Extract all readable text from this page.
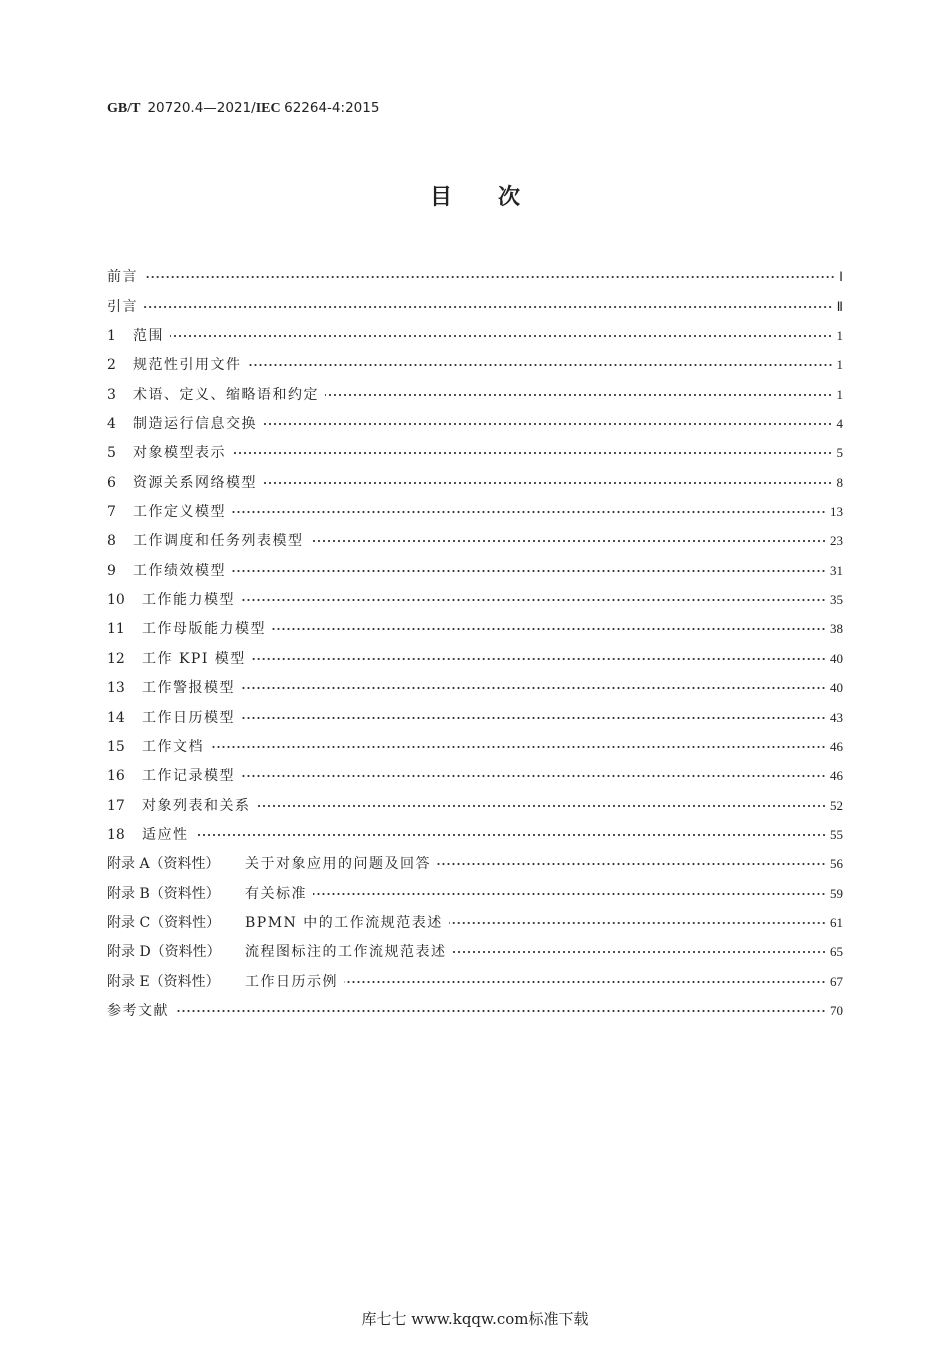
GB/T 20720.4—2021/IEC 62264-4:2015
目次
前言	Ⅰ
引言	Ⅱ
1 范围	1
2 规范性引用文件	1
3 术语、定义、缩略语和约定	1
4 制造运行信息交换	4
5 对象模型表示	5
6 资源关系网络模型	8
7 工作定义模型	13
8 工作调度和任务列表模型	23
9 工作绩效模型	31
10 工作能力模型	35
11 工作母版能力模型	38
12 工作 KPI 模型	40
13 工作警报模型	40
14 工作日历模型	43
15 工作文档	46
16 工作记录模型	46
17 对象列表和关系	52
18 适应性	55
附录 A（资料性） 关于对象应用的问题及回答	56
附录 B（资料性） 有关标准	59
附录 C（资料性） BPMN 中的工作流规范表述	61
附录 D（资料性） 流程图标注的工作流规范表述	65
附录 E（资料性） 工作日历示例	67
参考文献	70
库七七 www.kqqw.com标准下载
